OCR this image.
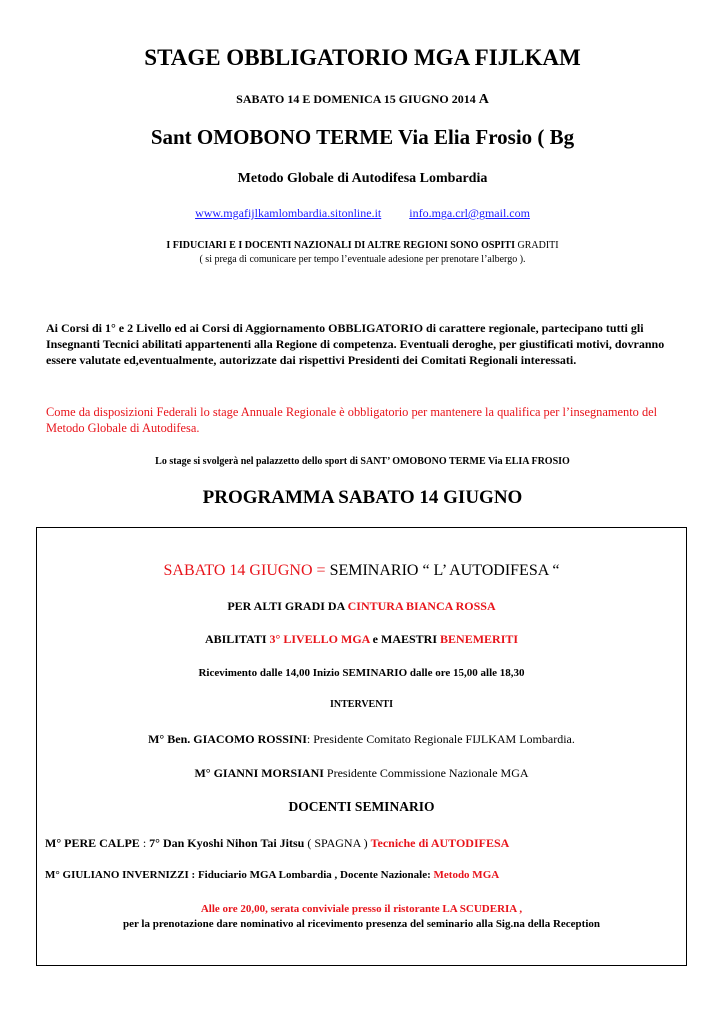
STAGE OBBLIGATORIO MGA FIJLKAM
SABATO 14 E DOMENICA 15 GIUGNO 2014 A
Sant OMOBONO TERME Via Elia Frosio ( Bg
Metodo Globale di Autodifesa Lombardia
www.mgafijlkamlombardia.sitonline.it info.mga.crl@gmail.com
I FIDUCIARI E I DOCENTI NAZIONALI DI ALTRE REGIONI SONO OSPITI GRADITI
( si prega di comunicare per tempo l’eventuale adesione per prenotare l’albergo ).
Ai Corsi di 1° e 2 Livello ed ai Corsi di Aggiornamento OBBLIGATORIO di carattere regionale, partecipano tutti gli Insegnanti Tecnici abilitati appartenenti alla Regione di competenza. Eventuali deroghe, per giustificati motivi, dovranno essere valutate ed,eventualmente, autorizzate dai rispettivi Presidenti dei Comitati Regionali interessati.
Come da disposizioni Federali lo stage Annuale Regionale è obbligatorio per mantenere la qualifica per l’insegnamento del Metodo Globale di Autodifesa.
Lo stage si svolgerà nel palazzetto dello sport di SANT’ OMOBONO TERME Via ELIA FROSIO
PROGRAMMA SABATO 14 GIUGNO
SABATO 14 GIUGNO = SEMINARIO “ L’ AUTODIFESA “
PER ALTI GRADI DA CINTURA BIANCA ROSSA
ABILITATI 3° LIVELLO MGA e MAESTRI BENEMERITI
Ricevimento dalle 14,00 Inizio SEMINARIO dalle ore 15,00 alle 18,30
INTERVENTI
M° Ben. GIACOMO ROSSINI: Presidente Comitato Regionale FIJLKAM Lombardia.
M° GIANNI MORSIANI Presidente Commissione Nazionale MGA
DOCENTI SEMINARIO
M° PERE CALPE : 7° Dan Kyoshi Nihon Tai Jitsu ( SPAGNA ) Tecniche di AUTODIFESA
M° GIULIANO INVERNIZZI : Fiduciario MGA Lombardia , Docente Nazionale: Metodo MGA
Alle ore 20,00, serata conviviale presso il ristorante LA SCUDERIA ,
per la prenotazione dare nominativo al ricevimento presenza del seminario alla Sig.na della Reception
